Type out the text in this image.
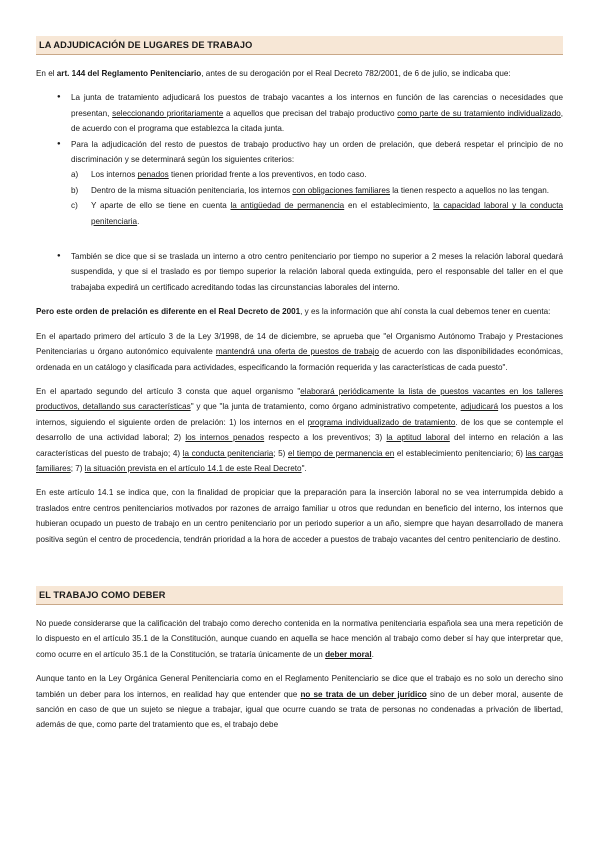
LA ADJUDICACIÓN DE LUGARES DE TRABAJO

En el art. 144 del Reglamento Penitenciario, antes de su derogación por el Real Decreto 782/2001, de 6 de julio, se indicaba que:

● La junta de tratamiento adjudicará los puestos de trabajo vacantes a los internos en función de las carencias o necesidades que presentan, seleccionando prioritariamente a aquellos que precisan del trabajo productivo como parte de su tratamiento individualizado, de acuerdo con el programa que establezca la citada junta.
● Para la adjudicación del resto de puestos de trabajo productivo hay un orden de prelación, que deberá respetar el principio de no discriminación y se determinará según los siguientes criterios:
a) Los internos penados tienen prioridad frente a los preventivos, en todo caso.
b) Dentro de la misma situación penitenciaria, los internos con obligaciones familiares la tienen respecto a aquellos no las tengan.
c) Y aparte de ello se tiene en cuenta la antigüedad de permanencia en el establecimiento, la capacidad laboral y la conducta penitenciaria.
● También se dice que si se traslada un interno a otro centro penitenciario por tiempo no superior a 2 meses la relación laboral quedará suspendida, y que si el traslado es por tiempo superior la relación laboral queda extinguida, pero el responsable del taller en el que trabajaba expedirá un certificado acreditando todas las circunstancias laborales del interno.

Pero este orden de prelación es diferente en el Real Decreto de 2001, y es la información que ahí consta la cual debemos tener en cuenta:

En el apartado primero del artículo 3 de la Ley 3/1998, de 14 de diciembre, se aprueba que "el Organismo Autónomo Trabajo y Prestaciones Penitenciarias u órgano autonómico equivalente mantendrá una oferta de puestos de trabajo de acuerdo con las disponibilidades económicas, ordenada en un catálogo y clasificada para actividades, especificando la formación requerida y las características de cada puesto".

En el apartado segundo del artículo 3 consta que aquel organismo "elaborará periódicamente la lista de puestos vacantes en los talleres productivos, detallando sus características" y que "la junta de tratamiento, como órgano administrativo competente, adjudicará los puestos a los internos, siguiendo el siguiente orden de prelación: 1) los internos en el programa individualizado de tratamiento. de los que se contemple el desarrollo de una actividad laboral; 2) los internos penados respecto a los preventivos; 3) la aptitud laboral del interno en relación a las características del puesto de trabajo; 4) la conducta penitenciaria; 5) el tiempo de permanencia en el establecimiento penitenciario; 6) las cargas familiares; 7) la situación prevista en el artículo 14.1 de este Real Decreto".

En este artículo 14.1 se indica que, con la finalidad de propiciar que la preparación para la inserción laboral no se vea interrumpida debido a traslados entre centros penitenciarios motivados por razones de arraigo familiar u otros que redundan en beneficio del interno, los internos que hubieran ocupado un puesto de trabajo en un centro penitenciario por un periodo superior a un año, siempre que hayan desarrollado de manera positiva según el centro de procedencia, tendrán prioridad a la hora de acceder a puestos de trabajo vacantes del centro penitenciario de destino.

EL TRABAJO COMO DEBER

No puede considerarse que la calificación del trabajo como derecho contenida en la normativa penitenciaria española sea una mera repetición de lo dispuesto en el artículo 35.1 de la Constitución, aunque cuando en aquella se hace mención al trabajo como deber sí hay que interpretar que, como ocurre en el artículo 35.1 de la Constitución, se trataría únicamente de un deber moral.

Aunque tanto en la Ley Orgánica General Penitenciaria como en el Reglamento Penitenciario se dice que el trabajo es no solo un derecho sino también un deber para los internos, en realidad hay que entender que no se trata de un deber jurídico sino de un deber moral, ausente de sanción en caso de que un sujeto se niegue a trabajar, igual que ocurre cuando se trata de personas no condenadas a privación de libertad, además de que, como parte del tratamiento que es, el trabajo debe
